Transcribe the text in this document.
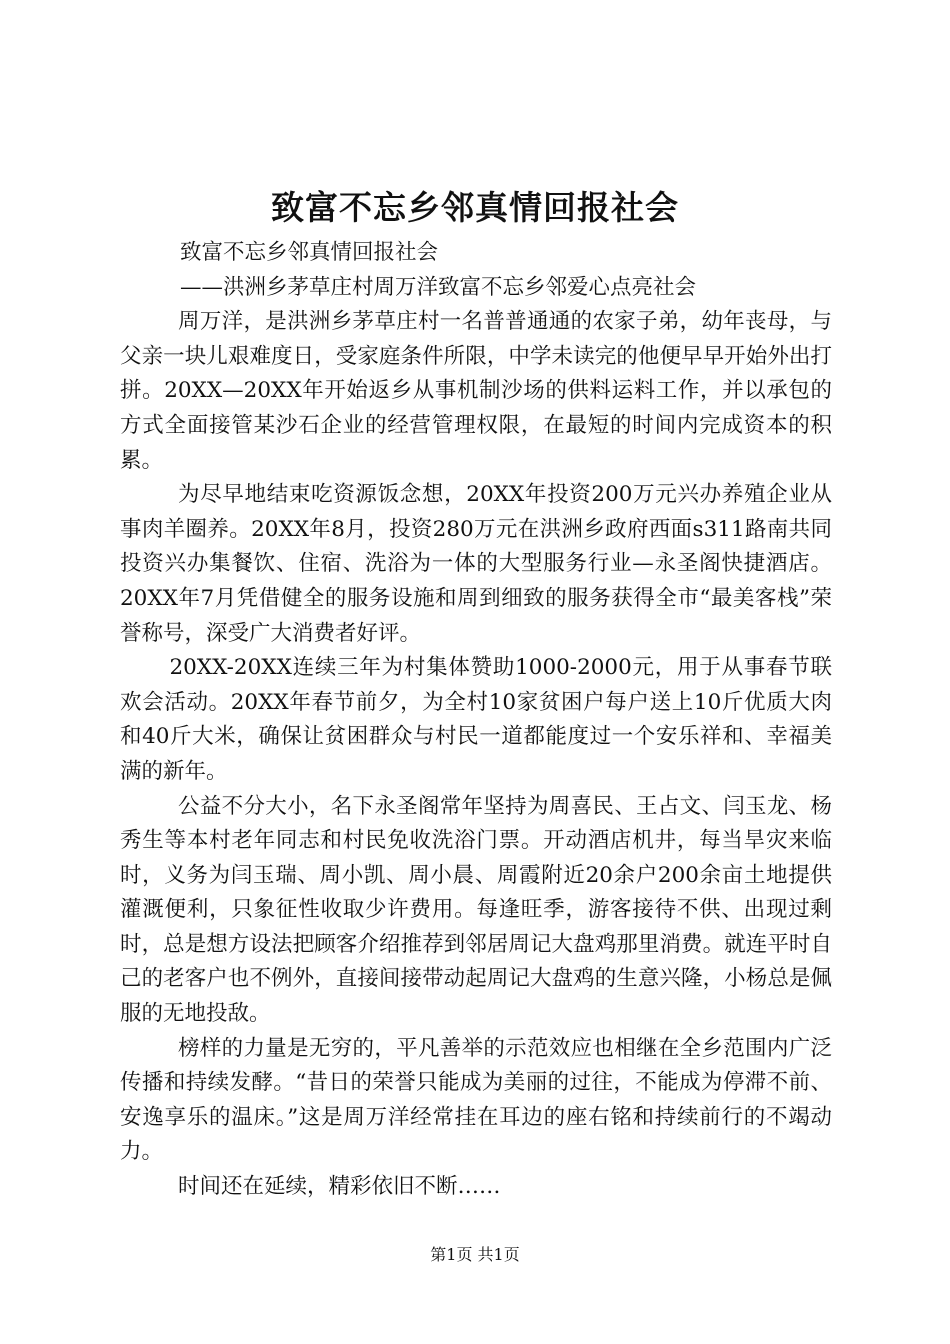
致富不忘乡邻真情回报社会

致富不忘乡邻真情回报社会

——洪洲乡茅草庄村周万洋致富不忘乡邻爱心点亮社会

周万洋，是洪洲乡茅草庄村一名普普通通的农家子弟，幼年丧母，与父亲一块儿艰难度日，受家庭条件所限，中学未读完的他便早早开始外出打拼。20XX—20XX年开始返乡从事机制沙场的供料运料工作，并以承包的方式全面接管某沙石企业的经营管理权限，在最短的时间内完成资本的积累。

为尽早地结束吃资源饭念想，20XX年投资200万元兴办养殖企业从事肉羊圈养。20XX年8月，投资280万元在洪洲乡政府西面s311路南共同投资兴办集餐饮、住宿、洗浴为一体的大型服务行业—永圣阁快捷酒店。20XX年7月凭借健全的服务设施和周到细致的服务获得全市“最美客栈”荣誉称号，深受广大消费者好评。

20XX-20XX连续三年为村集体赞助1000-2000元，用于从事春节联欢会活动。20XX年春节前夕，为全村10家贫困户每户送上10斤优质大肉和40斤大米，确保让贫困群众与村民一道都能度过一个安乐祥和、幸福美满的新年。

公益不分大小，名下永圣阁常年坚持为周喜民、王占文、闫玉龙、杨秀生等本村老年同志和村民免收洗浴门票。开动酒店机井，每当旱灾来临时，义务为闫玉瑞、周小凯、周小晨、周霞附近20余户200余亩土地提供灌溉便利，只象征性收取少许费用。每逢旺季，游客接待不供、出现过剩时，总是想方设法把顾客介绍推荐到邻居周记大盘鸡那里消费。就连平时自己的老客户也不例外，直接间接带动起周记大盘鸡的生意兴隆，小杨总是佩服的无地投敌。

榜样的力量是无穷的，平凡善举的示范效应也相继在全乡范围内广泛传播和持续发酵。“昔日的荣誉只能成为美丽的过往，不能成为停滞不前、安逸享乐的温床。”这是周万洋经常挂在耳边的座右铭和持续前行的不竭动力。

时间还在延续，精彩依旧不断……

第1页 共1页
